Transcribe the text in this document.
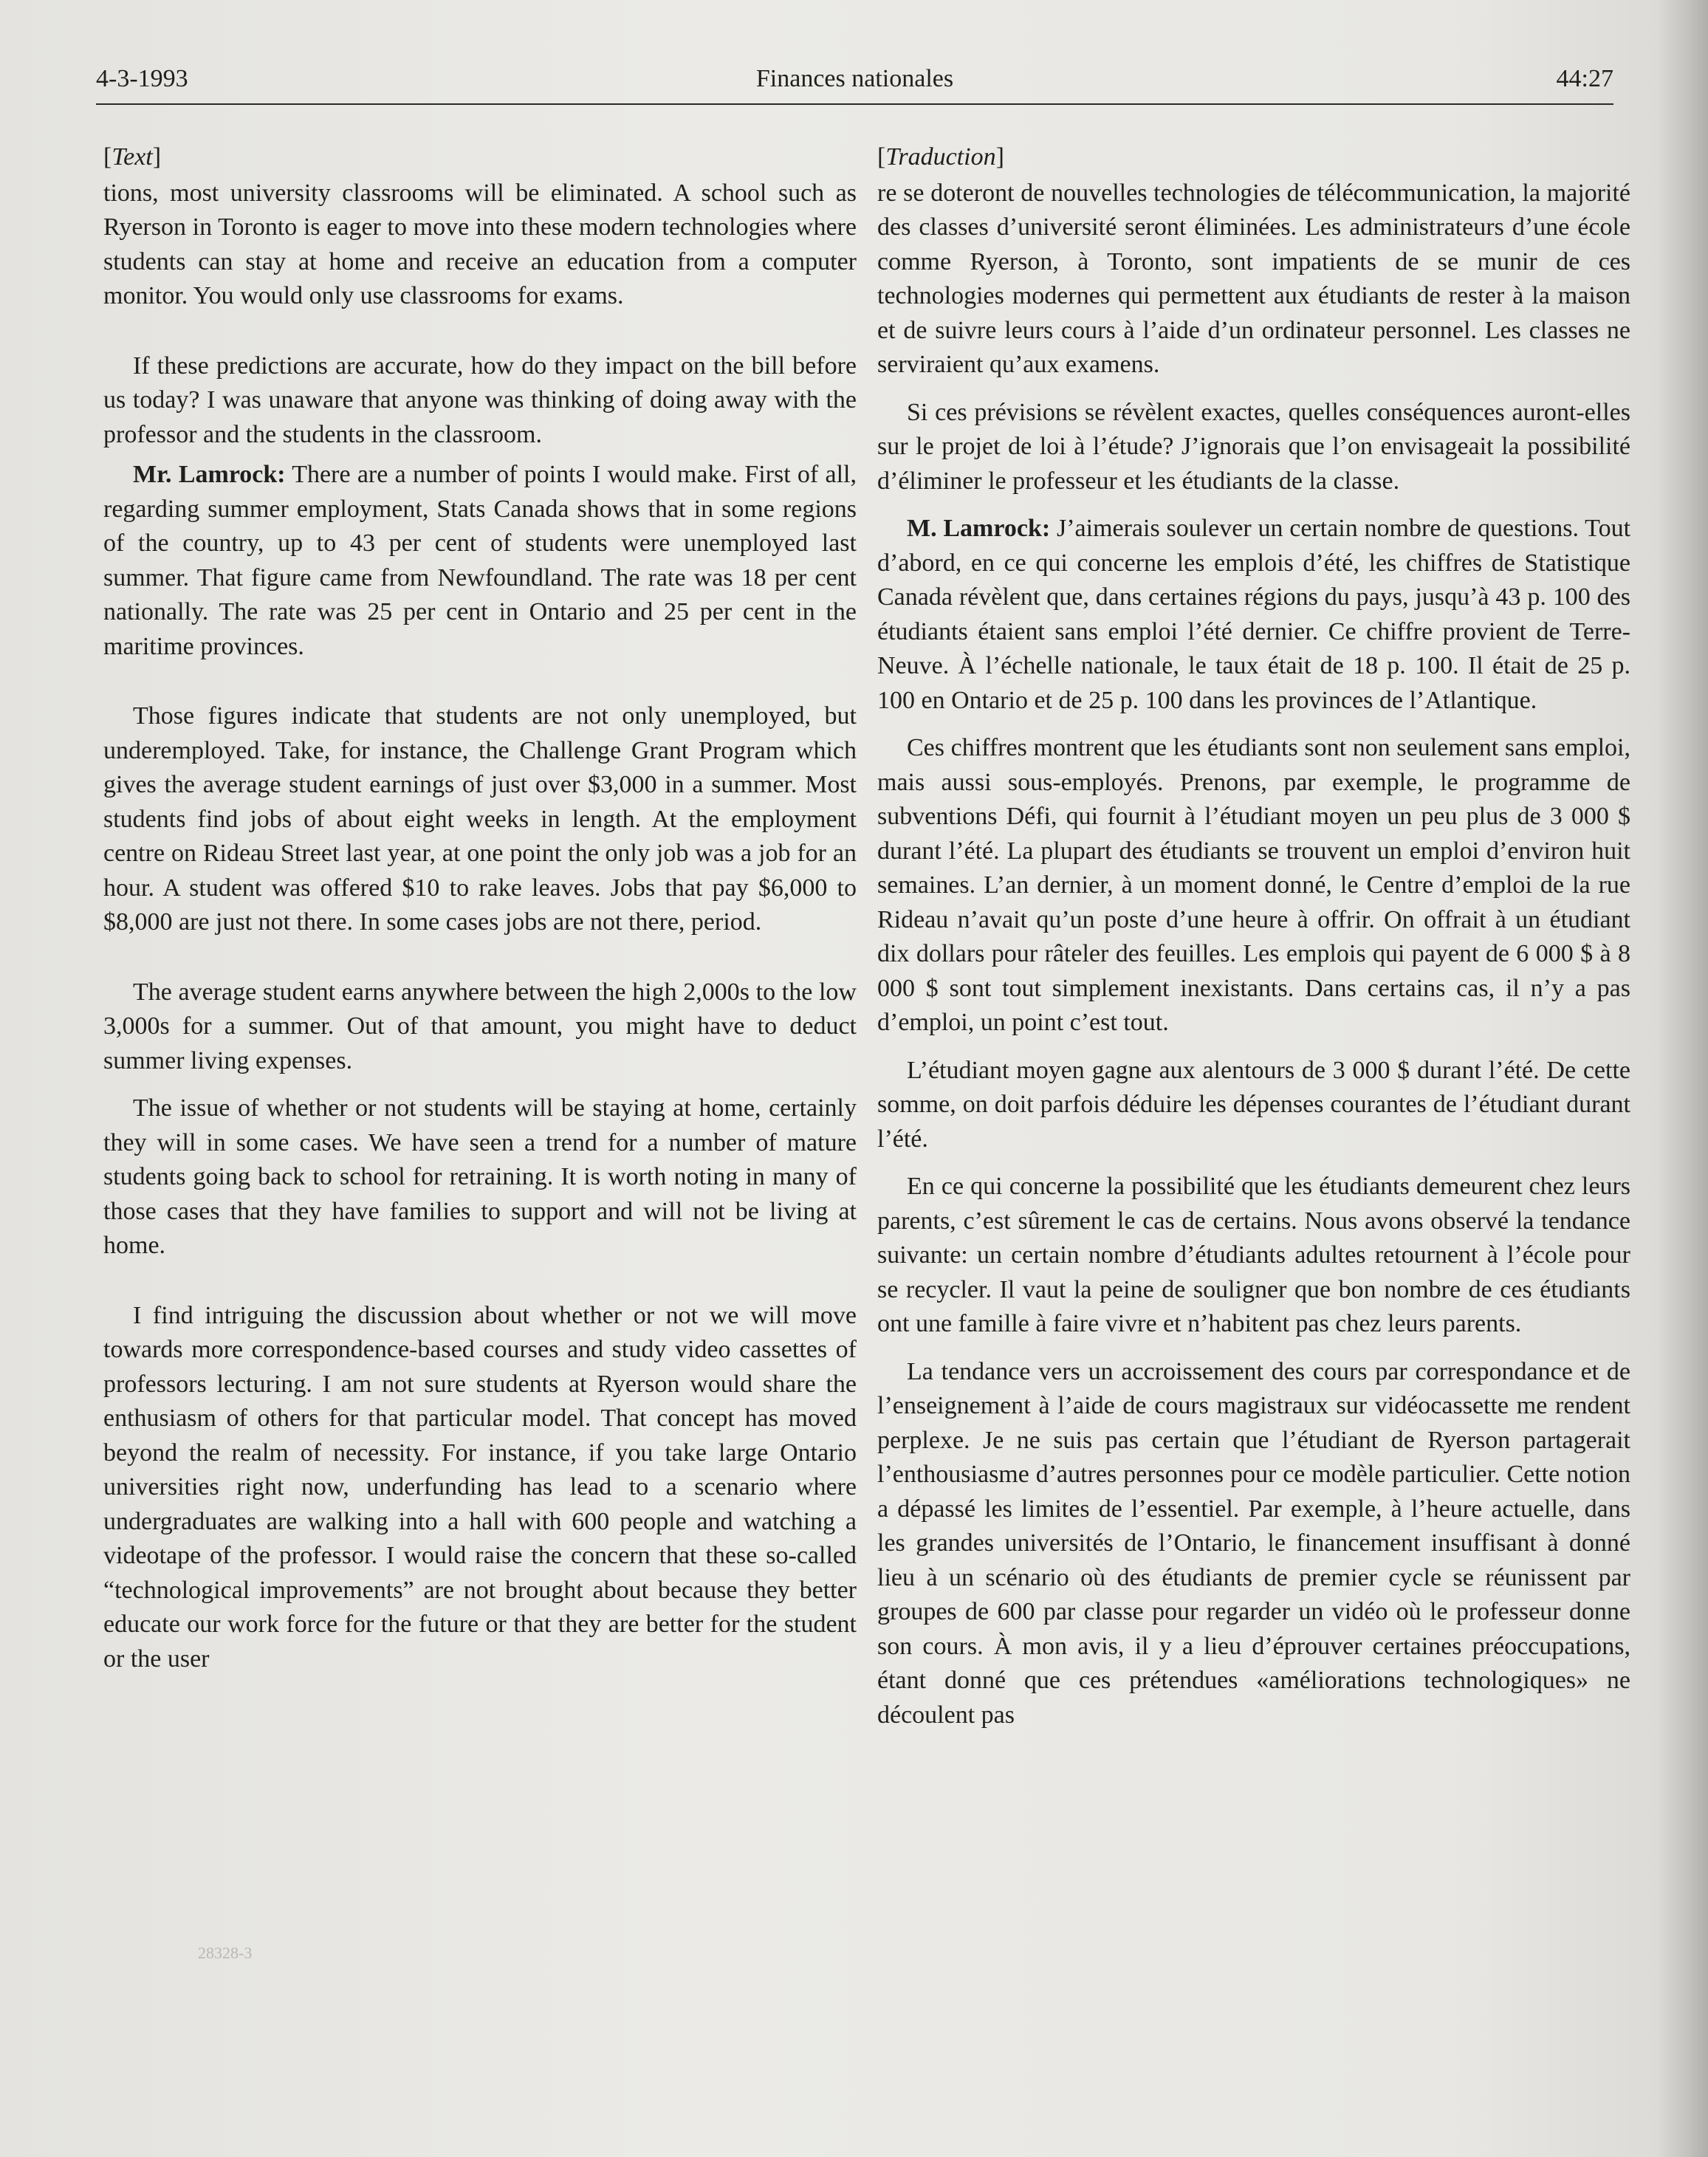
4-3-1993	Finances nationales	44:27
[Text]

tions, most university classrooms will be eliminated. A school such as Ryerson in Toronto is eager to move into these modern technologies where students can stay at home and receive an education from a computer monitor. You would only use classrooms for exams.

If these predictions are accurate, how do they impact on the bill before us today? I was unaware that anyone was thinking of doing away with the professor and the students in the classroom.

Mr. Lamrock: There are a number of points I would make. First of all, regarding summer employment, Stats Canada shows that in some regions of the country, up to 43 per cent of students were unemployed last summer. That figure came from Newfoundland. The rate was 18 per cent nationally. The rate was 25 per cent in Ontario and 25 per cent in the maritime provinces.

Those figures indicate that students are not only unemployed, but underemployed. Take, for instance, the Challenge Grant Program which gives the average student earnings of just over $3,000 in a summer. Most students find jobs of about eight weeks in length. At the employment centre on Rideau Street last year, at one point the only job was a job for an hour. A student was offered $10 to rake leaves. Jobs that pay $6,000 to $8,000 are just not there. In some cases jobs are not there, period.

The average student earns anywhere between the high 2,000s to the low 3,000s for a summer. Out of that amount, you might have to deduct summer living expenses.

The issue of whether or not students will be staying at home, certainly they will in some cases. We have seen a trend for a number of mature students going back to school for retraining. It is worth noting in many of those cases that they have families to support and will not be living at home.

I find intriguing the discussion about whether or not we will move towards more correspondence-based courses and study video cassettes of professors lecturing. I am not sure students at Ryerson would share the enthusiasm of others for that particular model. That concept has moved beyond the realm of necessity. For instance, if you take large Ontario universities right now, underfunding has lead to a scenario where undergraduates are walking into a hall with 600 people and watching a videotape of the professor. I would raise the concern that these so-called “technological improvements” are not brought about because they better educate our work force for the future or that they are better for the student or the user

[Traduction]

re se doteront de nouvelles technologies de télécommunication, la majorité des classes d’université seront éliminées. Les administrateurs d’une école comme Ryerson, à Toronto, sont impatients de se munir de ces technologies modernes qui permettent aux étudiants de rester à la maison et de suivre leurs cours à l’aide d’un ordinateur personnel. Les classes ne serviraient qu’aux examens.

Si ces prévisions se révèlent exactes, quelles conséquences auront-elles sur le projet de loi à l’étude? J’ignorais que l’on envisageait la possibilité d’éliminer le professeur et les étudiants de la classe.

M. Lamrock: J’aimerais soulever un certain nombre de questions. Tout d’abord, en ce qui concerne les emplois d’été, les chiffres de Statistique Canada révèlent que, dans certaines régions du pays, jusqu’à 43 p. 100 des étudiants étaient sans emploi l’été dernier. Ce chiffre provient de Terre-Neuve. À l’échelle nationale, le taux était de 18 p. 100. Il était de 25 p. 100 en Ontario et de 25 p. 100 dans les provinces de l’Atlantique.

Ces chiffres montrent que les étudiants sont non seulement sans emploi, mais aussi sous-employés. Prenons, par exemple, le programme de subventions Défi, qui fournit à l’étudiant moyen un peu plus de 3 000 $ durant l’été. La plupart des étudiants se trouvent un emploi d’environ huit semaines. L’an dernier, à un moment donné, le Centre d’emploi de la rue Rideau n’avait qu’un poste d’une heure à offrir. On offrait à un étudiant dix dollars pour râteler des feuilles. Les emplois qui payent de 6 000 $ à 8 000 $ sont tout simplement inexistants. Dans certains cas, il n’y a pas d’emploi, un point c’est tout.

L’étudiant moyen gagne aux alentours de 3 000 $ durant l’été. De cette somme, on doit parfois déduire les dépenses courantes de l’étudiant durant l’été.

En ce qui concerne la possibilité que les étudiants demeurent chez leurs parents, c’est sûrement le cas de certains. Nous avons observé la tendance suivante: un certain nombre d’étudiants adultes retournent à l’école pour se recycler. Il vaut la peine de souligner que bon nombre de ces étudiants ont une famille à faire vivre et n’habitent pas chez leurs parents.

La tendance vers un accroissement des cours par correspondance et de l’enseignement à l’aide de cours magistraux sur vidéocassette me rendent perplexe. Je ne suis pas certain que l’étudiant de Ryerson partagerait l’enthousiasme d’autres personnes pour ce modèle particulier. Cette notion a dépassé les limites de l’essentiel. Par exemple, à l’heure actuelle, dans les grandes universités de l’Ontario, le financement insuffisant à donné lieu à un scénario où des étudiants de premier cycle se réunissent par groupes de 600 par classe pour regarder un vidéo où le professeur donne son cours. À mon avis, il y a lieu d’éprouver certaines préoccupations, étant donné que ces prétendues «améliorations technologiques» ne découlent pas

28328-3
